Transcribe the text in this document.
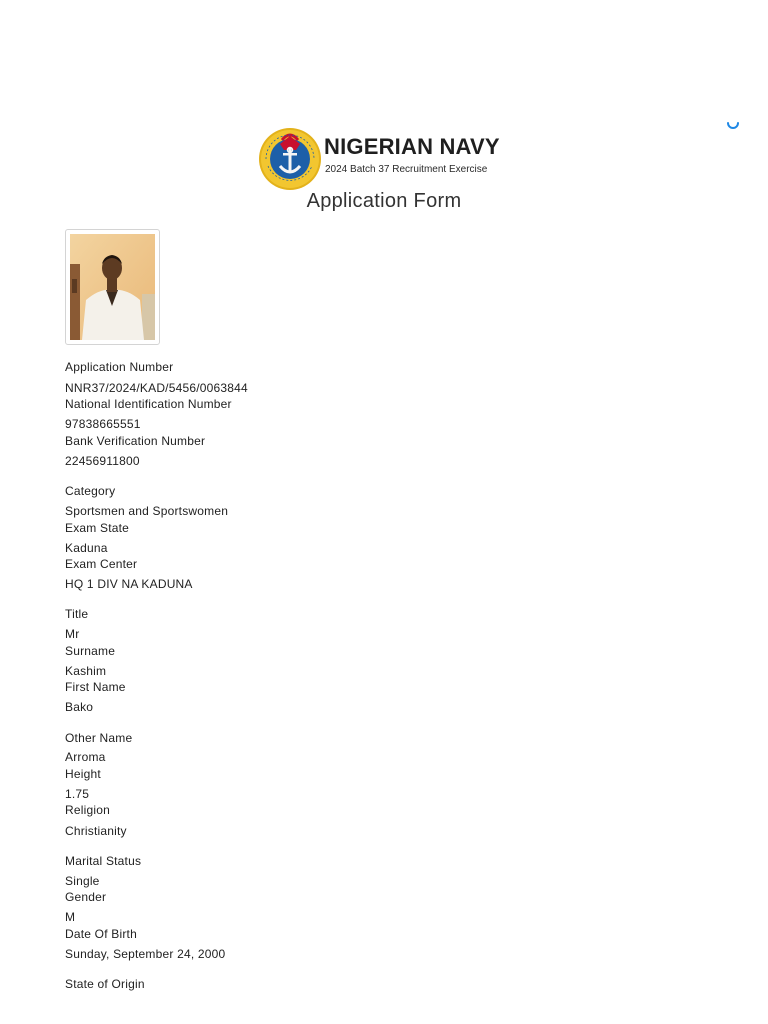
NIGERIAN NAVY
2024 Batch 37 Recruitment Exercise
Application Form
Application Number
NNR37/2024/KAD/5456/0063844
National Identification Number
97838665551
Bank Verification Number
22456911800
Category
Sportsmen and Sportswomen
Exam State
Kaduna
Exam Center
HQ 1 DIV NA KADUNA
Title
Mr
Surname
Kashim
First Name
Bako
Other Name
Arroma
Height
1.75
Religion
Christianity
Marital Status
Single
Gender
M
Date Of Birth
Sunday, September 24, 2000
State of Origin
